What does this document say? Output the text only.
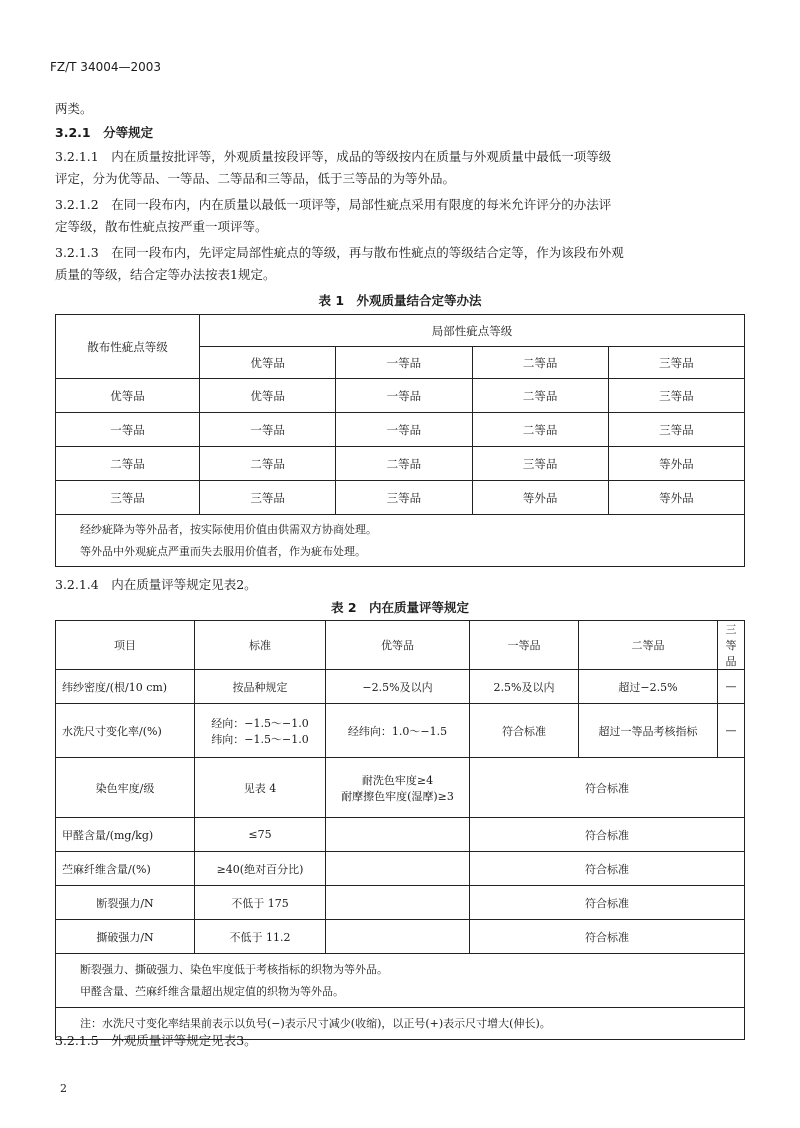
FZ/T 34004—2003
两类。
3.2.1　分等规定
3.2.1.1　内在质量按批评等，外观质量按段评等，成品的等级按内在质量与外观质量中最低一项等级
评定，分为优等品、一等品、二等品和三等品，低于三等品的为等外品。
3.2.1.2　在同一段布内，内在质量以最低一项评等，局部性疵点采用有限度的每米允许评分的办法评
定等级，散布性疵点按严重一项评等。
3.2.1.3　在同一段布内，先评定局部性疵点的等级，再与散布性疵点的等级结合定等，作为该段布外观
质量的等级，结合定等办法按表1规定。
表 1　外观质量结合定等办法
散布性疵点等级	局部性疵点等级			
	优等品	一等品	二等品	三等品
优等品	优等品	一等品	二等品	三等品
一等品	一等品	一等品	二等品	三等品
二等品	二等品	二等品	三等品	等外品
三等品	三等品	三等品	等外品	等外品

经纱疵降为等外品者，按实际使用价值由供需双方协商处理。
等外品中外观疵点严重而失去服用价值者，作为疵布处理。				
3.2.1.4　内在质量评等规定见表2。
表 2　内在质量评等规定
项目	标准	优等品	一等品	二等品	三等品
纬纱密度/(根/10 cm)	按品种规定	−2.5%及以内	2.5%及以内	超过−2.5%	—
水洗尺寸变化率/(%)	经向：−1.5～−1.0
纬向：−1.5～−1.0	经纬向：1.0～−1.5	符合标准	超过一等品考核指标	—
染色牢度/级	见表 4	耐洗色牢度≥4
耐摩擦色牢度(湿摩)≥3	符合标准		
甲醛含量/(mg/kg)	≤75		符合标准		
苎麻纤维含量/(%)	≥40(绝对百分比)		符合标准		
断裂强力/N	不低于 175		符合标准		
撕破强力/N	不低于 11.2		符合标准		

断裂强力、撕破强力、染色牢度低于考核指标的织物为等外品。
甲醛含量、苎麻纤维含量超出规定值的织物为等外品。					

注：水洗尺寸变化率结果前表示以负号(−)表示尺寸减少(收缩)，以正号(+)表示尺寸增大(伸长)。					
3.2.1.5　外观质量评等规定见表3。
2
